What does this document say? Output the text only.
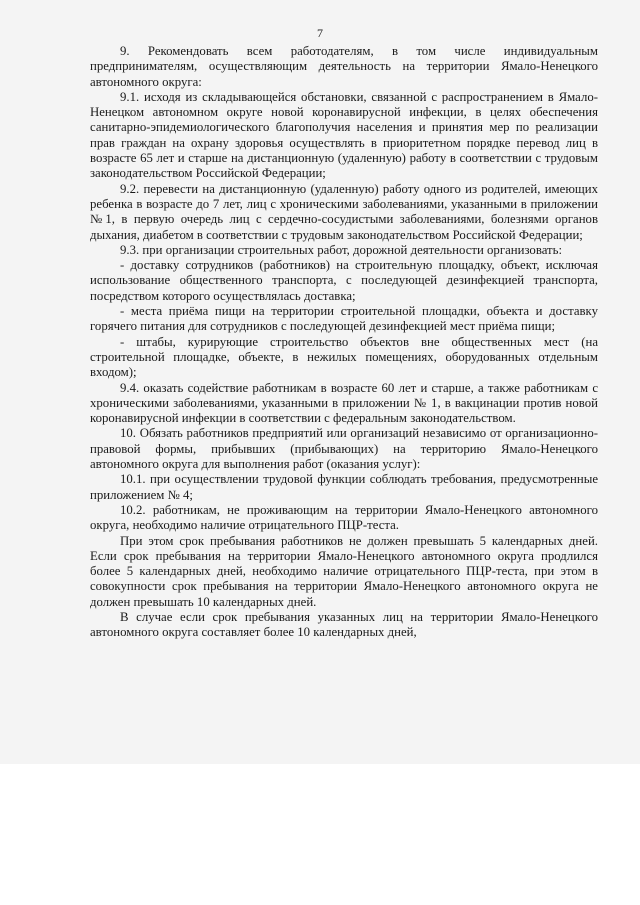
7

9. Рекомендовать всем работодателям, в том числе индивидуальным предпринимателям, осуществляющим деятельность на территории Ямало-Ненецкого автономного округа:

9.1. исходя из складывающейся обстановки, связанной с распространением в Ямало-Ненецком автономном округе новой коронавирусной инфекции, в целях обеспечения санитарно-эпидемиологического благополучия населения и принятия мер по реализации прав граждан на охрану здоровья осуществлять в приоритетном порядке перевод лиц в возрасте 65 лет и старше на дистанционную (удаленную) работу в соответствии с трудовым законодательством Российской Федерации;

9.2. перевести на дистанционную (удаленную) работу одного из родителей, имеющих ребенка в возрасте до 7 лет, лиц с хроническими заболеваниями, указанными в приложении №1, в первую очередь лиц с сердечно-сосудистыми заболеваниями, болезнями органов дыхания, диабетом в соответствии с трудовым законодательством Российской Федерации;

9.3. при организации строительных работ, дорожной деятельности организовать:

- доставку сотрудников (работников) на строительную площадку, объект, исключая использование общественного транспорта, с последующей дезинфекцией транспорта, посредством которого осуществлялась доставка;

- места приёма пищи на территории строительной площадки, объекта и доставку горячего питания для сотрудников с последующей дезинфекцией мест приёма пищи;

- штабы, курирующие строительство объектов вне общественных мест (на строительной площадке, объекте, в нежилых помещениях, оборудованных отдельным входом);

9.4. оказать содействие работникам в возрасте 60 лет и старше, а также работникам с хроническими заболеваниями, указанными в приложении № 1, в вакцинации против новой коронавирусной инфекции в соответствии с федеральным законодательством.

10. Обязать работников предприятий или организаций независимо от организационно-правовой формы, прибывших (прибывающих) на территорию Ямало-Ненецкого автономного округа для выполнения работ (оказания услуг):

10.1. при осуществлении трудовой функции соблюдать требования, предусмотренные приложением № 4;

10.2. работникам, не проживающим на территории Ямало-Ненецкого автономного округа, необходимо наличие отрицательного ПЦР-теста.

При этом срок пребывания работников не должен превышать 5 календарных дней. Если срок пребывания на территории Ямало-Ненецкого автономного округа продлился более 5 календарных дней, необходимо наличие отрицательного ПЦР-теста, при этом в совокупности срок пребывания на территории Ямало-Ненецкого автономного округа не должен превышать 10 календарных дней.

В случае если срок пребывания указанных лиц на территории Ямало-Ненецкого автономного округа составляет более 10 календарных дней,
